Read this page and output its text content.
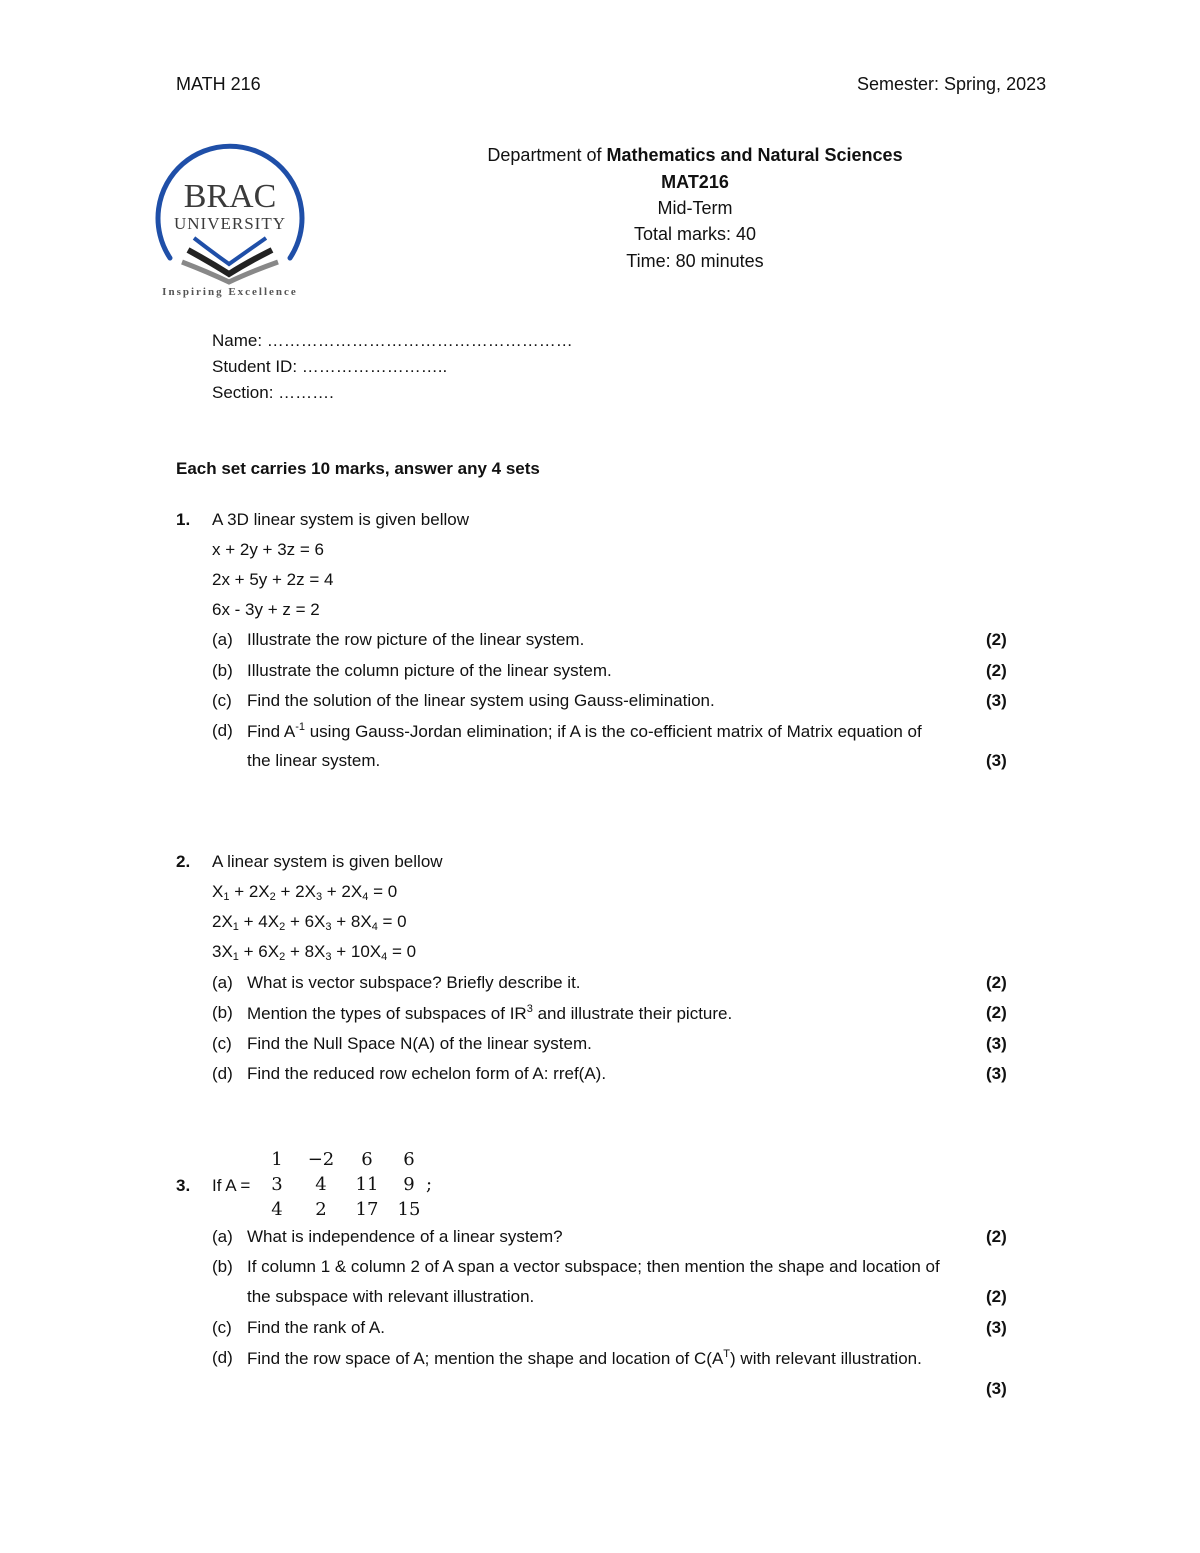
MATH 216	Semester: Spring, 2023
BRAC
UNIVERSITY
Inspiring Excellence
Department of Mathematics and Natural Sciences
MAT216
Mid-Term
Total marks: 40
Time: 80 minutes
Name: ………………………………………………
Student ID: ……………………..
Section: ……….
Each set carries 10 marks, answer any 4 sets
1. A 3D linear system is given bellow
x + 2y + 3z = 6
2x + 5y + 2z = 4
6x - 3y + z = 2
(a) Illustrate the row picture of the linear system.	(2)
(b) Illustrate the column picture of the linear system.	(2)
(c) Find the solution of the linear system using Gauss-elimination.	(3)
(d) Find $A^{-1}$ using Gauss-Jordan elimination; if A is the co-efficient matrix of Matrix equation of
the linear system.	(3)
2. A linear system is given bellow
$X_1 + 2X_2 + 2X_3 + 2X_4 = 0$
$2X_1 + 4X_2 + 6X_3 + 8X_4 = 0$
$3X_1 + 6X_2 + 8X_3 + 10X_4 = 0$
(a) What is vector subspace? Briefly describe it.	(2)
(b) Mention the types of subspaces of $IR^3$ and illustrate their picture.	(2)
(c) Find the Null Space N(A) of the linear system.	(3)
(d) Find the reduced row echelon form of A: rref(A).	(3)
3. If A =
1	−2	6	6
3	4	11	9
4	2	17	15
;
(a) What is independence of a linear system?	(2)
(b) If column 1 & column 2 of A span a vector subspace; then mention the shape and location of
the subspace with relevant illustration.	(2)
(c) Find the rank of A.	(3)
(d) Find the row space of A; mention the shape and location of $C(A^T)$ with relevant illustration.
(3)
